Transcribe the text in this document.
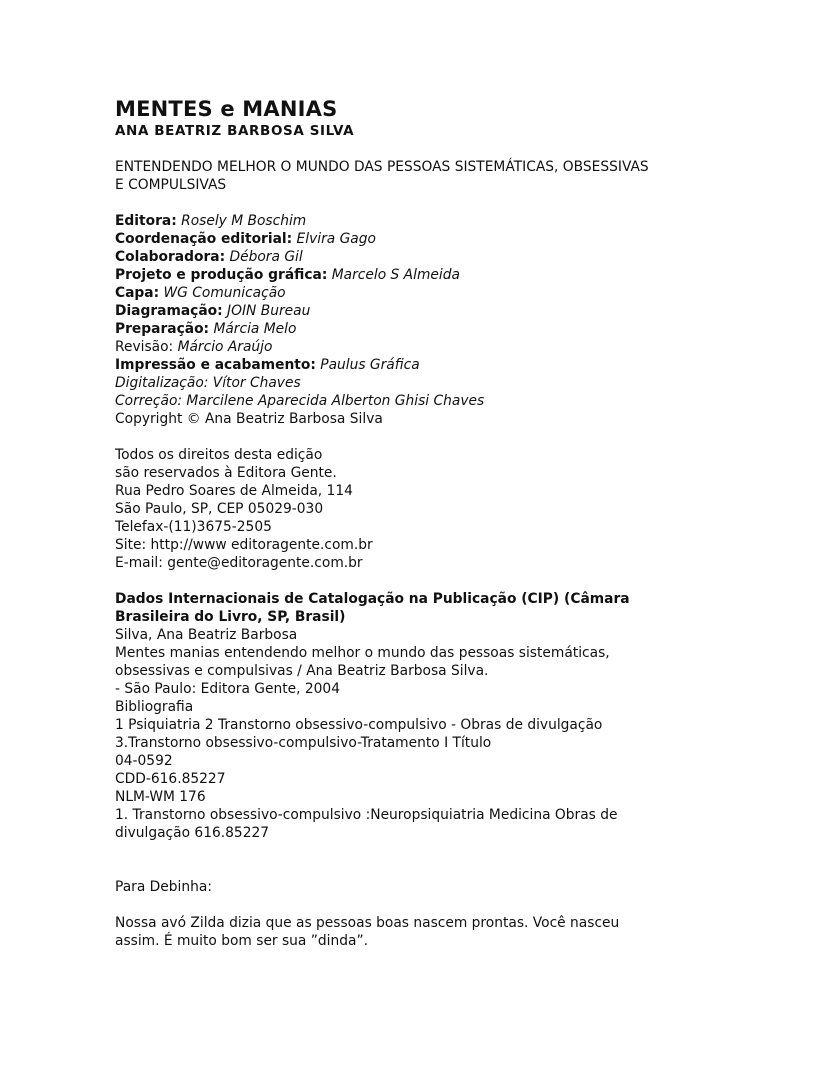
MENTES e MANIAS

ANA BEATRIZ BARBOSA SILVA

ENTENDENDO MELHOR O MUNDO DAS PESSOAS SISTEMÁTICAS, OBSESSIVAS

E COMPULSIVAS

Editora: Rosely M Boschim

Coordenação editorial: Elvira Gago

Colaboradora: Débora Gil

Projeto e produção gráfica: Marcelo S Almeida

Capa: WG Comunicação

Diagramação: JOIN Bureau

Preparação: Márcia Melo

Revisão: Márcio Araújo

Impressão e acabamento: Paulus Gráfica

Digitalização: Vítor Chaves

Correção: Marcilene Aparecida Alberton Ghisi Chaves

Copyright © Ana Beatriz Barbosa Silva

Todos os direitos desta edição

são reservados à Editora Gente.

Rua Pedro Soares de Almeida, 114

São Paulo, SP, CEP 05029-030

Telefax-(11)3675-2505

Site: http://www editoragente.com.br

E-mail: gente@editoragente.com.br

Dados Internacionais de Catalogação na Publicação (CIP) (Câmara

Brasileira do Livro, SP, Brasil)

Silva, Ana Beatriz Barbosa

Mentes manias entendendo melhor o mundo das pessoas sistemáticas,

obsessivas e compulsivas / Ana Beatriz Barbosa Silva.

- São Paulo: Editora Gente, 2004

Bibliografia

1 Psiquiatria 2 Transtorno obsessivo-compulsivo - Obras de divulgação

3.Transtorno obsessivo-compulsivo-Tratamento I Título

04-0592

CDD-616.85227

NLM-WM 176

1. Transtorno obsessivo-compulsivo :Neuropsiquiatria Medicina Obras de

divulgação 616.85227

Para Debinha:

Nossa avó Zilda dizia que as pessoas boas nascem prontas. Você nasceu

assim. É muito bom ser sua ”dinda”.
